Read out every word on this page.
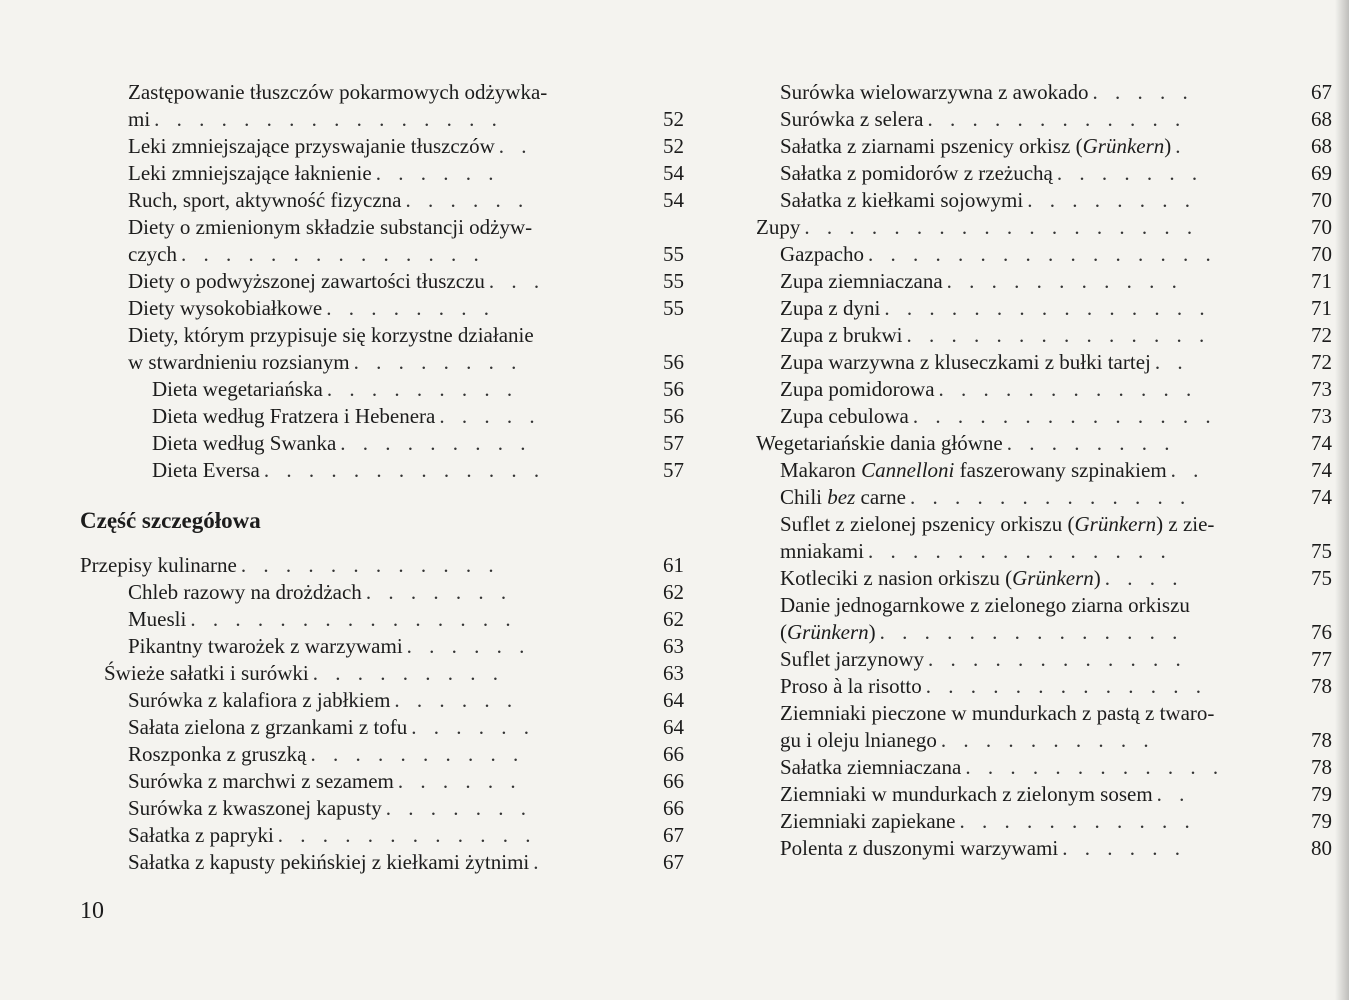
Zastępowanie tłuszczów pokarmowych odżywka-
mi . . . . . . . . . . . . . . . .	52
Leki zmniejszające przyswajanie tłuszczów . .	52
Leki zmniejszające łaknienie . . . . . .	54
Ruch, sport, aktywność fizyczna . . . . . .	54
Diety o zmienionym składzie substancji odżyw-
czych . . . . . . . . . . . . . .	55
Diety o podwyższonej zawartości tłuszczu . . .	55
Diety wysokobiałkowe . . . . . . . .	55
Diety, którym przypisuje się korzystne działanie
w stwardnieniu rozsianym . . . . . . . .	56
Dieta wegetariańska . . . . . . . . .	56
Dieta według Fratzera i Hebenera . . . . .	56
Dieta według Swanka . . . . . . . . .	57
Dieta Eversa . . . . . . . . . . . . .	57
Część szczegółowa
Przepisy kulinarne . . . . . . . . . . . .	61
Chleb razowy na drożdżach . . . . . . .	62
Muesli . . . . . . . . . . . . . . .	62
Pikantny twarożek z warzywami . . . . . .	63
Świeże sałatki i surówki . . . . . . . . .	63
Surówka z kalafiora z jabłkiem . . . . . .	64
Sałata zielona z grzankami z tofu . . . . . .	64
Roszponka z gruszką . . . . . . . . . .	66
Surówka z marchwi z sezamem . . . . . .	66
Surówka z kwaszonej kapusty . . . . . . .	66
Sałatka z papryki . . . . . . . . . . . .	67
Sałatka z kapusty pekińskiej z kiełkami żytnimi .	67
Surówka wielowarzywna z awokado . . . . .	67
Surówka z selera . . . . . . . . . . . .	68
Sałatka z ziarnami pszenicy orkisz (Grünkern) .	68
Sałatka z pomidorów z rzeżuchą . . . . . . .	69
Sałatka z kiełkami sojowymi . . . . . . . .	70
Zupy . . . . . . . . . . . . . . . . . .	70
Gazpacho . . . . . . . . . . . . . . . .	70
Zupa ziemniaczana . . . . . . . . . . .	71
Zupa z dyni . . . . . . . . . . . . . . .	71
Zupa z brukwi . . . . . . . . . . . . . .	72
Zupa warzywna z kluseczkami z bułki tartej . .	72
Zupa pomidorowa . . . . . . . . . . . .	73
Zupa cebulowa . . . . . . . . . . . . . .	73
Wegetariańskie dania główne . . . . . . . .	74
Makaron Cannelloni faszerowany szpinakiem . .	74
Chili bez carne . . . . . . . . . . . . .	74
Suflet z zielonej pszenicy orkiszu (Grünkern) z zie-
mniakami . . . . . . . . . . . . . .	75
Kotleciki z nasion orkiszu (Grünkern) . . . .	75
Danie jednogarnkowe z zielonego ziarna orkiszu
(Grünkern) . . . . . . . . . . . . . .	76
Suflet jarzynowy . . . . . . . . . . . .	77
Proso à la risotto . . . . . . . . . . . . .	78
Ziemniaki pieczone w mundurkach z pastą z twaro-
gu i oleju lnianego . . . . . . . . . .	78
Sałatka ziemniaczana . . . . . . . . . . . .	78
Ziemniaki w mundurkach z zielonym sosem . .	79
Ziemniaki zapiekane . . . . . . . . . . .	79
Polenta z duszonymi warzywami . . . . . .	80
10
